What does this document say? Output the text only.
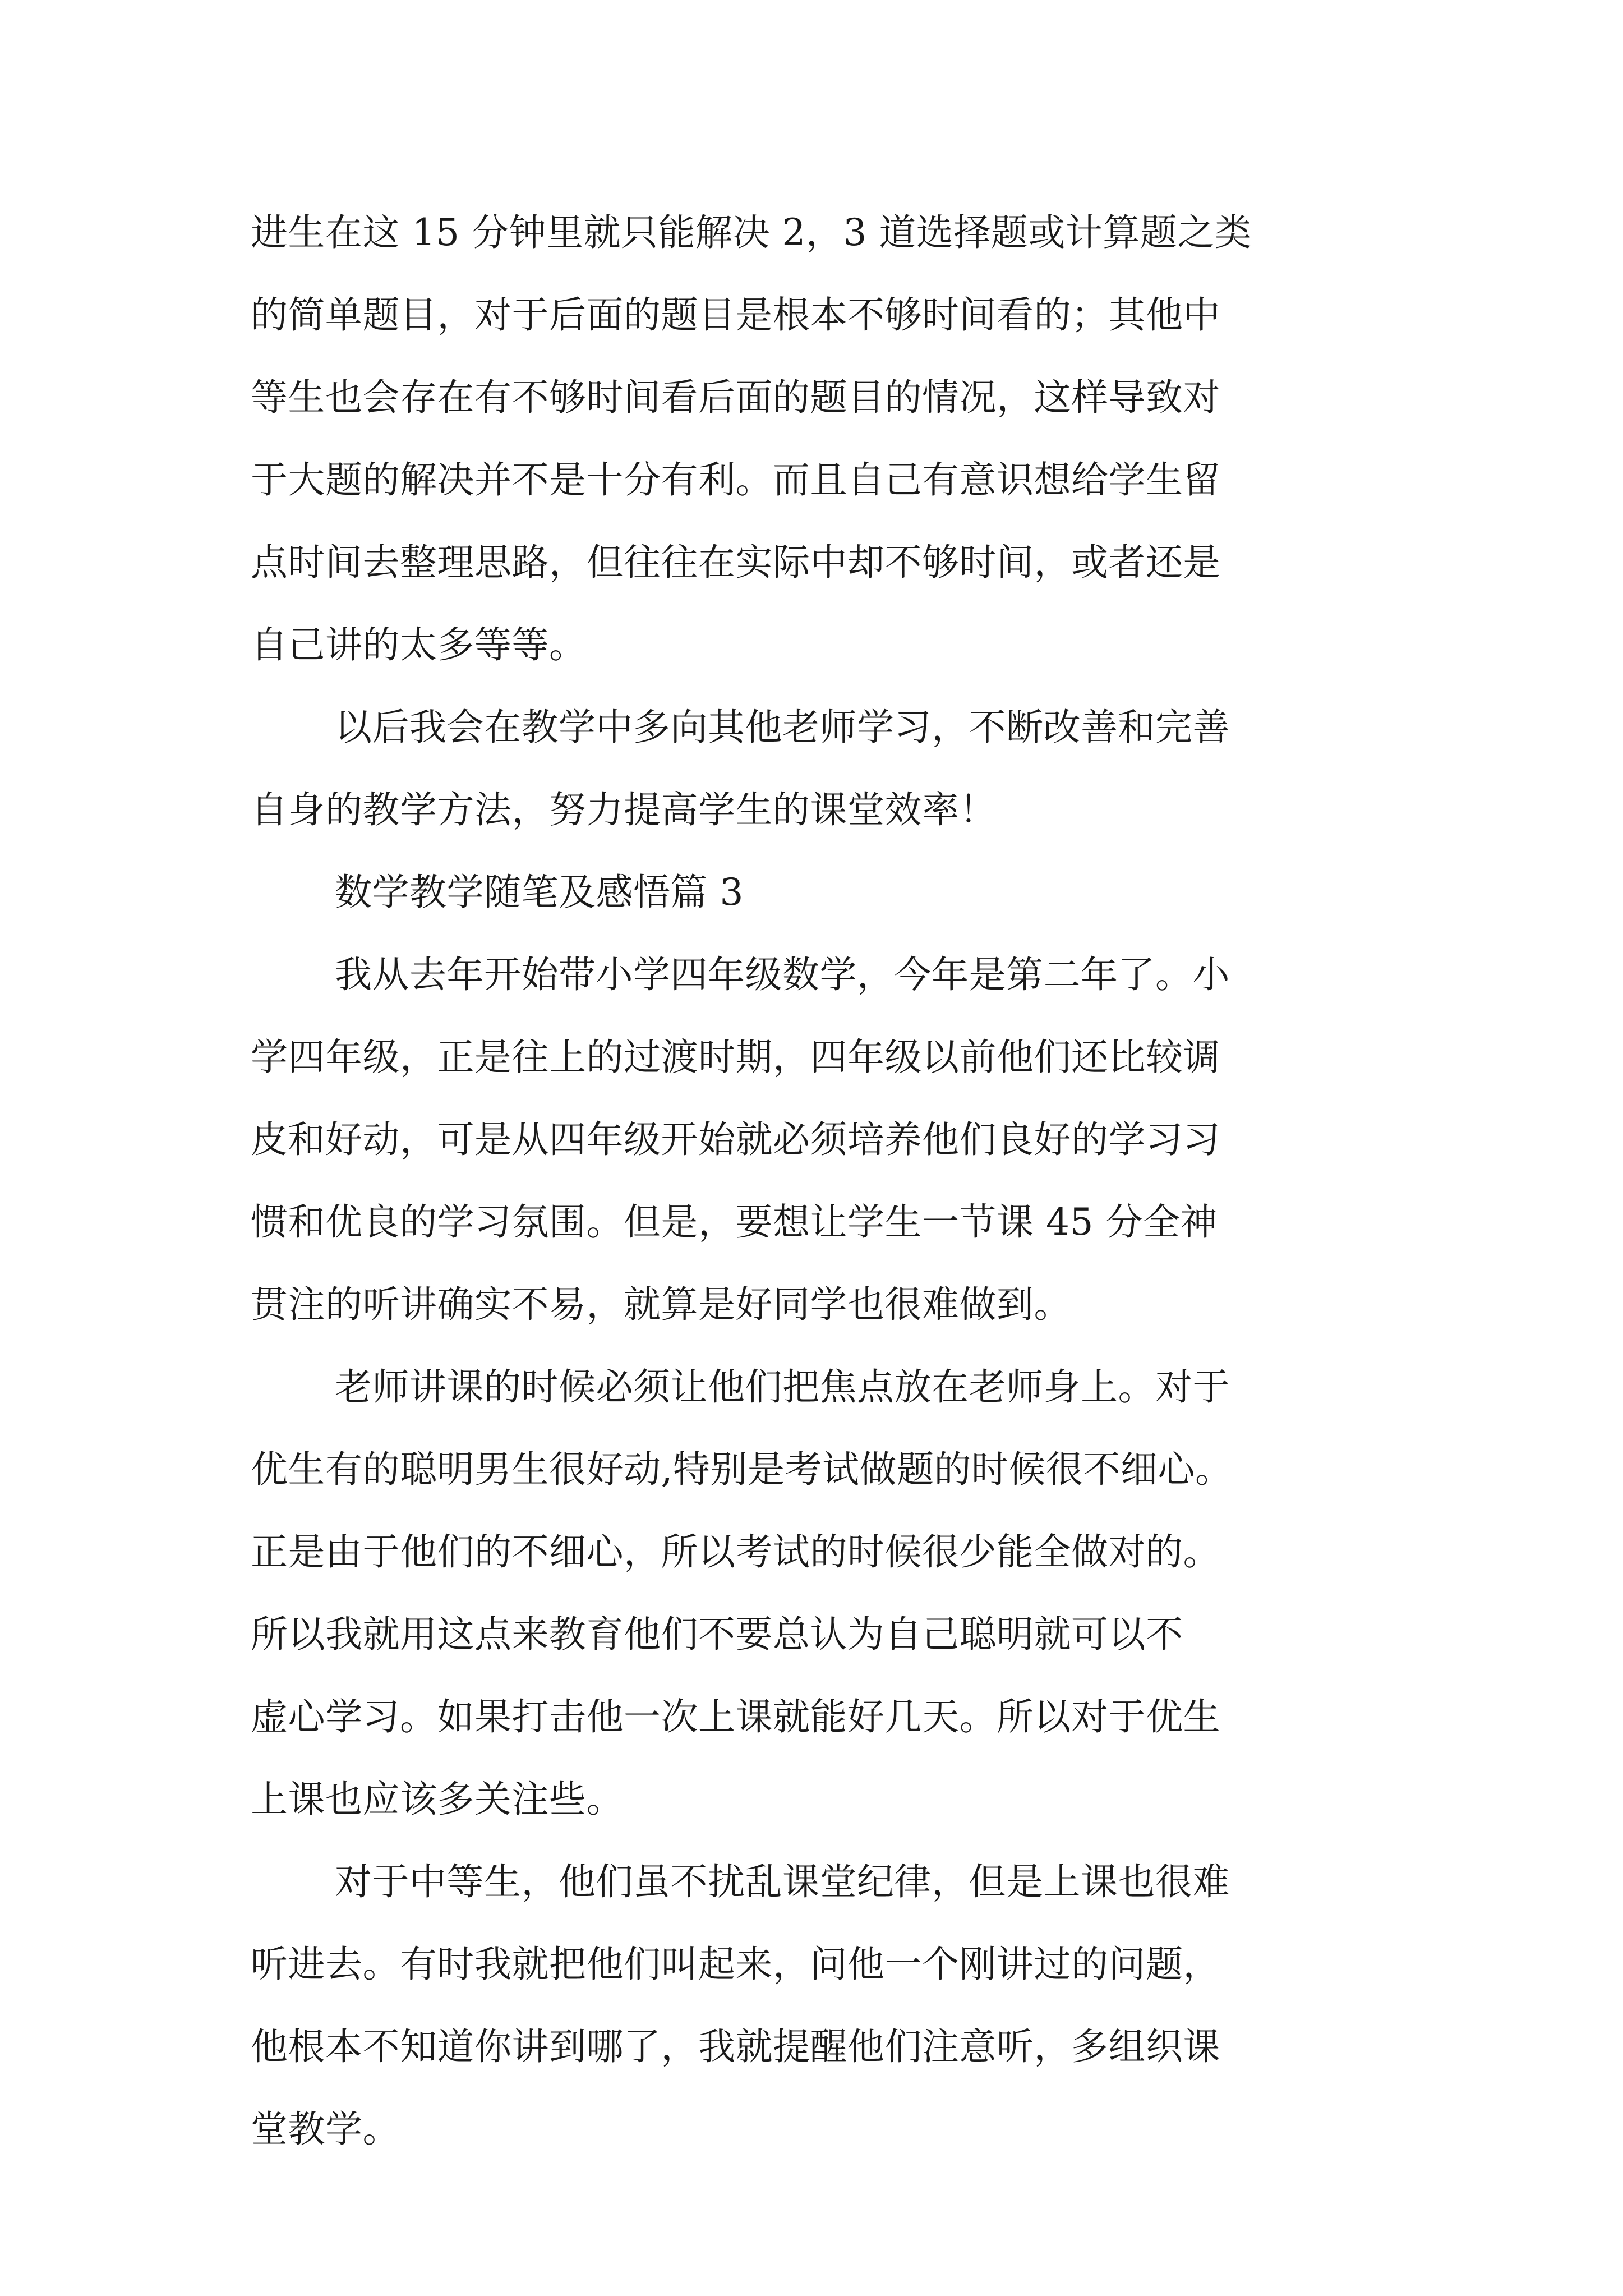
进生在这 15 分钟里就只能解决 2，3 道选择题或计算题之类

的简单题目，对于后面的题目是根本不够时间看的；其他中

等生也会存在有不够时间看后面的题目的情况，这样导致对

于大题的解决并不是十分有利。而且自己有意识想给学生留

点时间去整理思路，但往往在实际中却不够时间，或者还是

自己讲的太多等等。

以后我会在教学中多向其他老师学习，不断改善和完善

自身的教学方法，努力提高学生的课堂效率！

数学教学随笔及感悟篇 3

我从去年开始带小学四年级数学，今年是第二年了。小

学四年级，正是往上的过渡时期，四年级以前他们还比较调

皮和好动，可是从四年级开始就必须培养他们良好的学习习

惯和优良的学习氛围。但是，要想让学生一节课 45 分全神

贯注的听讲确实不易，就算是好同学也很难做到。

老师讲课的时候必须让他们把焦点放在老师身上。对于

优生有的聪明男生很好动,特别是考试做题的时候很不细心。

正是由于他们的不细心，所以考试的时候很少能全做对的。

所以我就用这点来教育他们不要总认为自己聪明就可以不

虚心学习。如果打击他一次上课就能好几天。所以对于优生

上课也应该多关注些。

对于中等生，他们虽不扰乱课堂纪律，但是上课也很难

听进去。有时我就把他们叫起来，问他一个刚讲过的问题，

他根本不知道你讲到哪了，我就提醒他们注意听，多组织课

堂教学。
